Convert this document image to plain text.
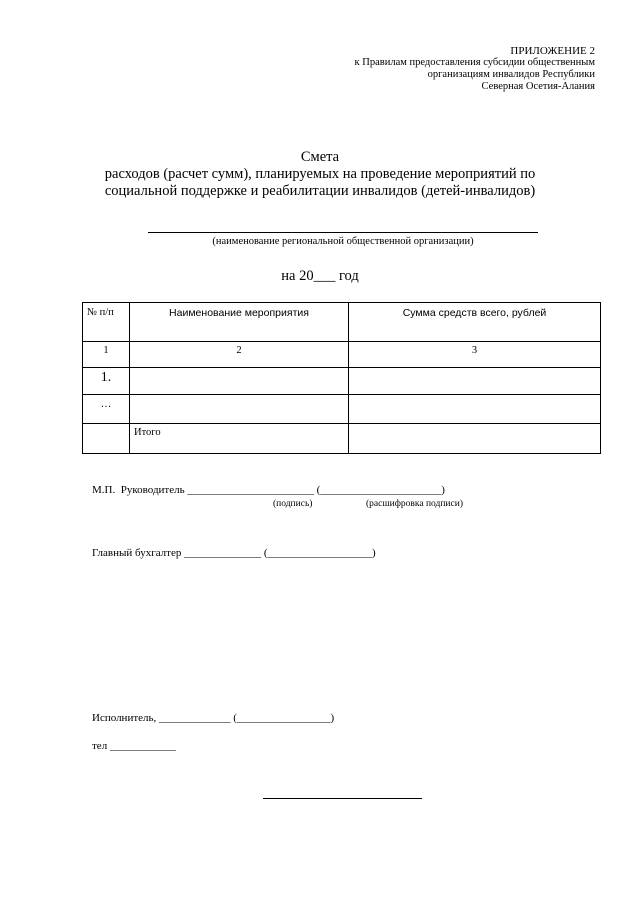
ПРИЛОЖЕНИЕ 2
к Правилам предоставления субсидии общественным
организациям инвалидов Республики
Северная Осетия-Алания
Смета
расходов (расчет сумм), планируемых на проведение мероприятий по
социальной поддержке и реабилитации инвалидов (детей-инвалидов)
(наименование региональной общественной организации)
на 20___ год
№ п/п	Наименование мероприятия	Сумма средств всего, рублей
1	2	3
1.		
…		
	Итого	
М.П. Руководитель _______________________ (______________________)
(подпись)	(расшифровка подписи)
Главный бухгалтер ______________ (___________________)
Исполнитель, _____________ (_________________)
тел ____________
